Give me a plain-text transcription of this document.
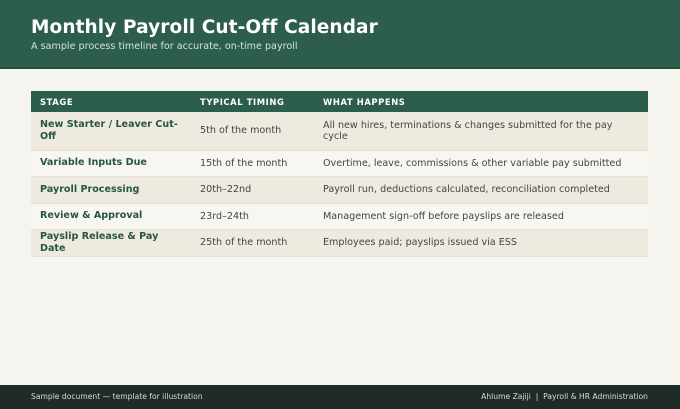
Monthly Payroll Cut-Off Calendar
A sample process timeline for accurate, on-time payroll
STAGE	TYPICAL TIMING	WHAT HAPPENS
New Starter / Leaver Cut-Off	5th of the month	All new hires, terminations & changes submitted for the pay cycle
Variable Inputs Due	15th of the month	Overtime, leave, commissions & other variable pay submitted
Payroll Processing	20th–22nd	Payroll run, deductions calculated, reconciliation completed
Review & Approval	23rd–24th	Management sign-off before payslips are released
Payslip Release & Pay Date	25th of the month	Employees paid; payslips issued via ESS
Sample document — template for illustration	Ahlume Zajiji  |  Payroll & HR Administration
